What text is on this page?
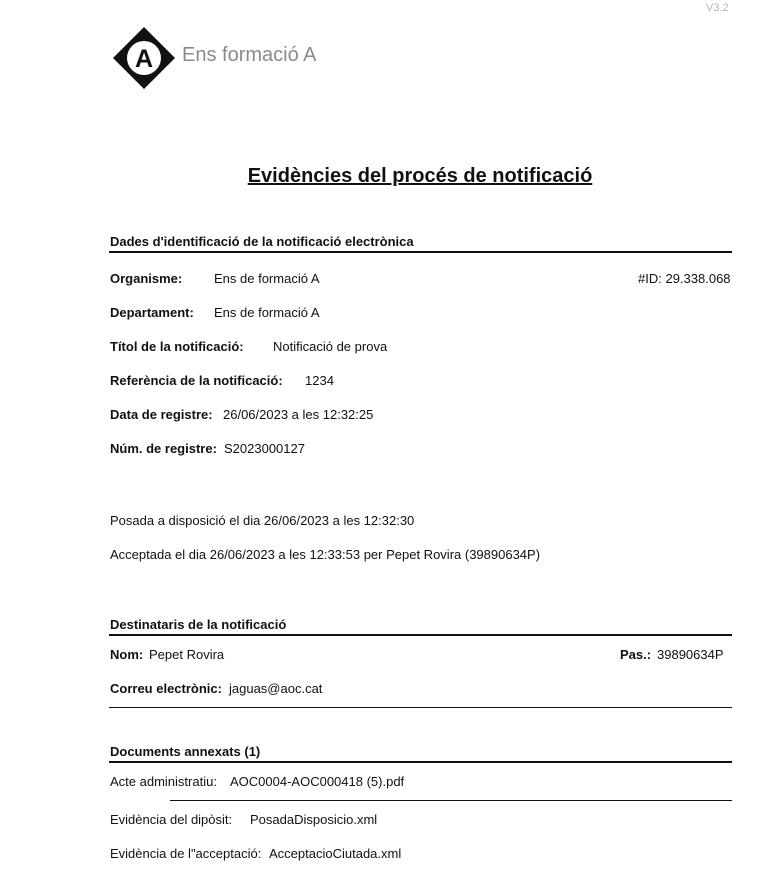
V3.2
A Ens formació A
Evidències del procés de notificació
Dades d'identificació de la notificació electrònica
Organisme: Ens de formació A	#ID: 29.338.068
Departament: Ens de formació A
Títol de la notificació: Notificació de prova
Referència de la notificació: 1234
Data de registre: 26/06/2023 a les 12:32:25
Núm. de registre: S2023000127
Posada a disposició el dia 26/06/2023 a les 12:32:30
Acceptada el dia 26/06/2023 a les 12:33:53 per Pepet Rovira (39890634P)
Destinataris de la notificació
Nom: Pepet Rovira	Pas.: 39890634P
Correu electrònic: jaguas@aoc.cat
Documents annexats (1)
Acte administratiu: AOC0004-AOC000418 (5).pdf
Evidència del dipòsit: PosadaDisposicio.xml
Evidència de l"acceptació: AcceptacioCiutada.xml
